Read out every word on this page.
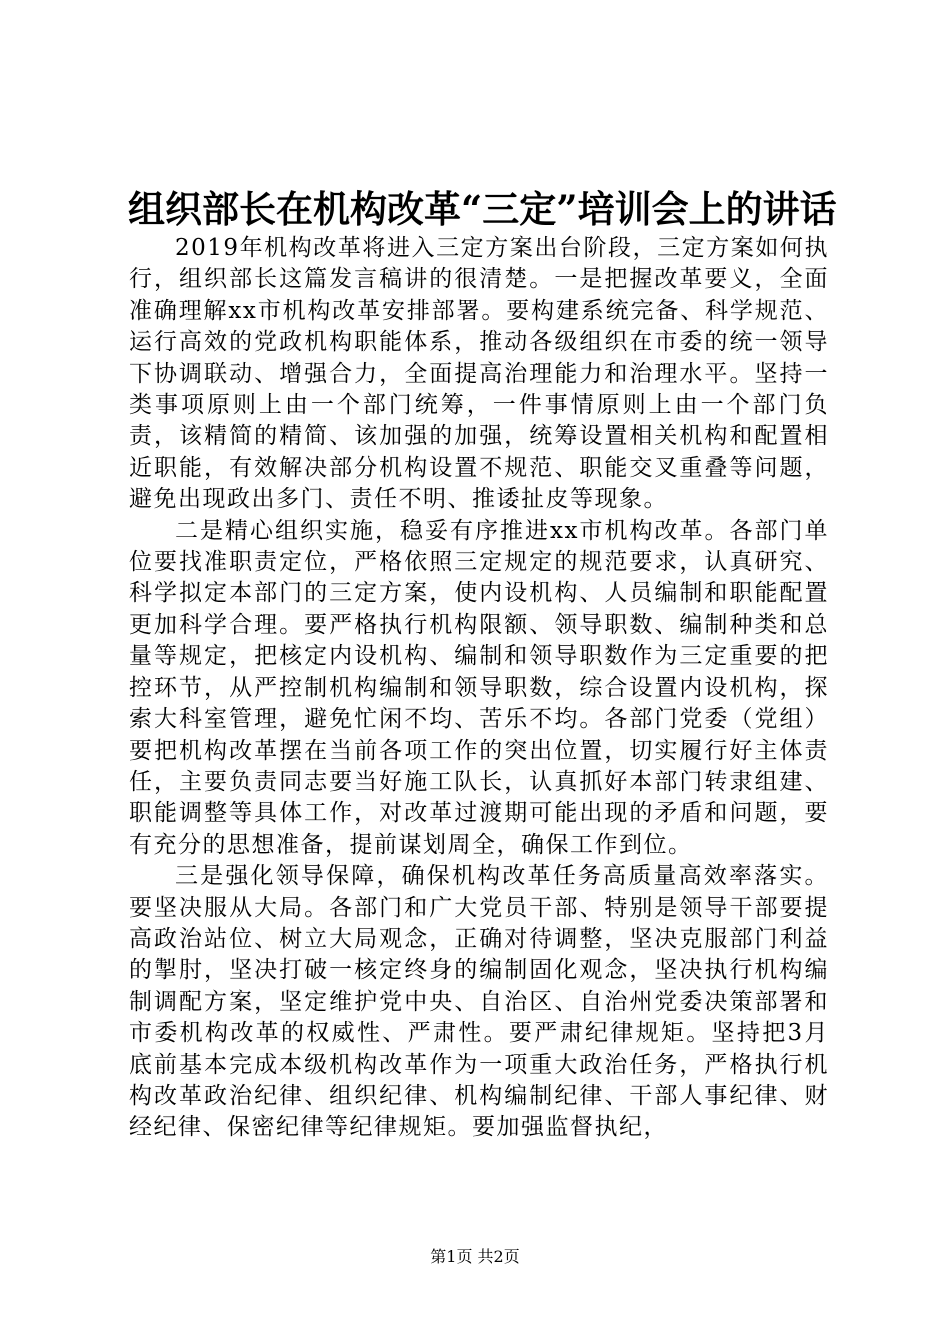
组织部长在机构改革“三定”培训会上的讲话

2019年机构改革将进入三定方案出台阶段，三定方案如何执行，组织部长这篇发言稿讲的很清楚。一是把握改革要义，全面准确理解xx市机构改革安排部署。要构建系统完备、科学规范、运行高效的党政机构职能体系，推动各级组织在市委的统一领导下协调联动、增强合力，全面提高治理能力和治理水平。坚持一类事项原则上由一个部门统筹，一件事情原则上由一个部门负责，该精简的精简、该加强的加强，统筹设置相关机构和配置相近职能，有效解决部分机构设置不规范、职能交叉重叠等问题，避免出现政出多门、责任不明、推诿扯皮等现象。

二是精心组织实施，稳妥有序推进xx市机构改革。各部门单位要找准职责定位，严格依照三定规定的规范要求，认真研究、科学拟定本部门的三定方案，使内设机构、人员编制和职能配置更加科学合理。要严格执行机构限额、领导职数、编制种类和总量等规定，把核定内设机构、编制和领导职数作为三定重要的把控环节，从严控制机构编制和领导职数，综合设置内设机构，探索大科室管理，避免忙闲不均、苦乐不均。各部门党委（党组）要把机构改革摆在当前各项工作的突出位置，切实履行好主体责任，主要负责同志要当好施工队长，认真抓好本部门转隶组建、职能调整等具体工作，对改革过渡期可能出现的矛盾和问题，要有充分的思想准备，提前谋划周全，确保工作到位。

三是强化领导保障，确保机构改革任务高质量高效率落实。要坚决服从大局。各部门和广大党员干部、特别是领导干部要提高政治站位、树立大局观念，正确对待调整，坚决克服部门利益的掣肘，坚决打破一核定终身的编制固化观念，坚决执行机构编制调配方案，坚定维护党中央、自治区、自治州党委决策部署和市委机构改革的权威性、严肃性。要严肃纪律规矩。坚持把3月底前基本完成本级机构改革作为一项重大政治任务，严格执行机构改革政治纪律、组织纪律、机构编制纪律、干部人事纪律、财经纪律、保密纪律等纪律规矩。要加强监督执纪，

第1页 共2页
